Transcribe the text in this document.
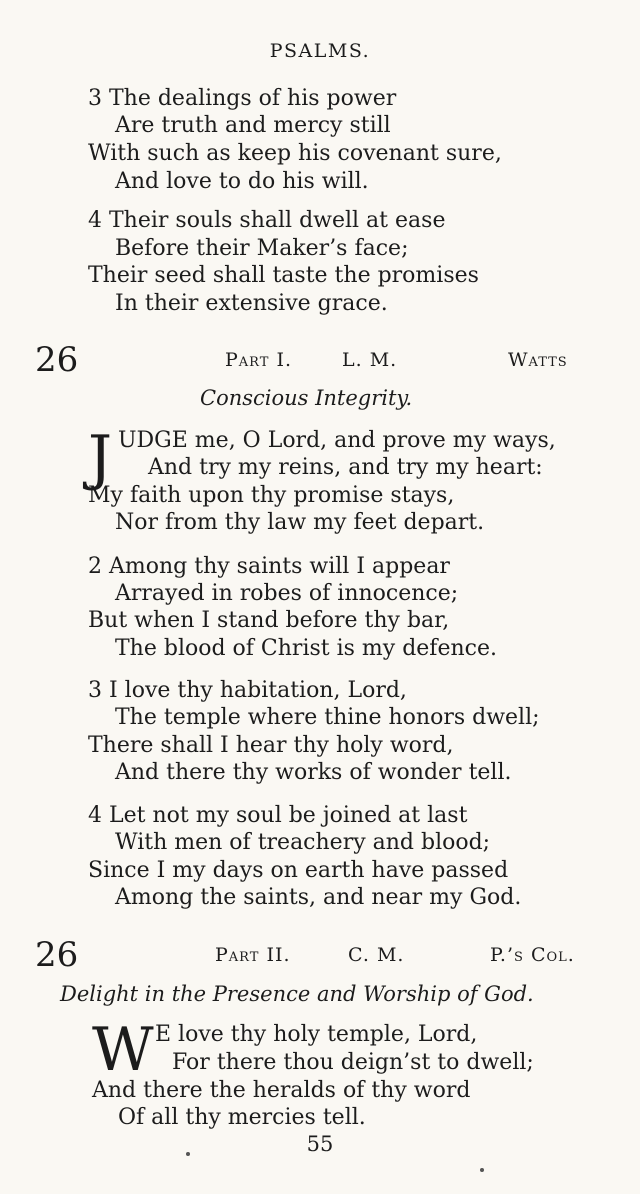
PSALMS.
3 The dealings of his power
Are truth and mercy still
With such as keep his covenant sure,
And love to do his will.
4 Their souls shall dwell at ease
Before their Maker’s face;
Their seed shall taste the promises
In their extensive grace.
26	Part I.	L. M.	Watts
Conscious Integrity.
J UDGE me, O Lord, and prove my ways,
And try my reins, and try my heart:
My faith upon thy promise stays,
Nor from thy law my feet depart.
2 Among thy saints will I appear
Arrayed in robes of innocence;
But when I stand before thy bar,
The blood of Christ is my defence.
3 I love thy habitation, Lord,
The temple where thine honors dwell;
There shall I hear thy holy word,
And there thy works of wonder tell.
4 Let not my soul be joined at last
With men of treachery and blood;
Since I my days on earth have passed
Among the saints, and near my God.
26	Part II.	C. M.	P.’s Col.
Delight in the Presence and Worship of God.
W E love thy holy temple, Lord,
For there thou deign’st to dwell;
And there the heralds of thy word
Of all thy mercies tell.
55
